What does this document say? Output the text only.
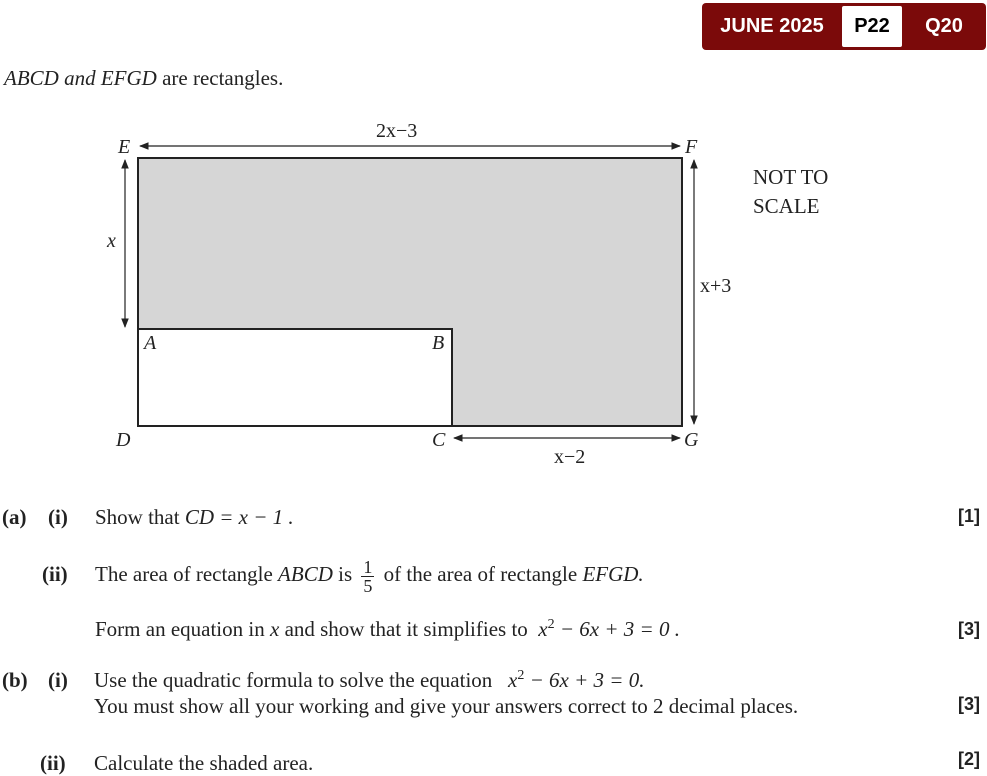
JUNE 2025	P22	Q20
ABCD and EFGD are rectangles.
E	F
A	B
D	C	G
2x−3
x
x+3
x−2
NOT TO
SCALE
(a) (i) Show that CD = x − 1 .	[1]
(ii) The area of rectangle ABCD is $\frac{1}{5}$ of the area of rectangle EFGD.
Form an equation in x and show that it simplifies to $x^2 - 6x + 3 = 0$ .	[3]
(b) (i) Use the quadratic formula to solve the equation $x^2 - 6x + 3 = 0$.
You must show all your working and give your answers correct to 2 decimal places.	[3]
(ii) Calculate the shaded area.	[2]
